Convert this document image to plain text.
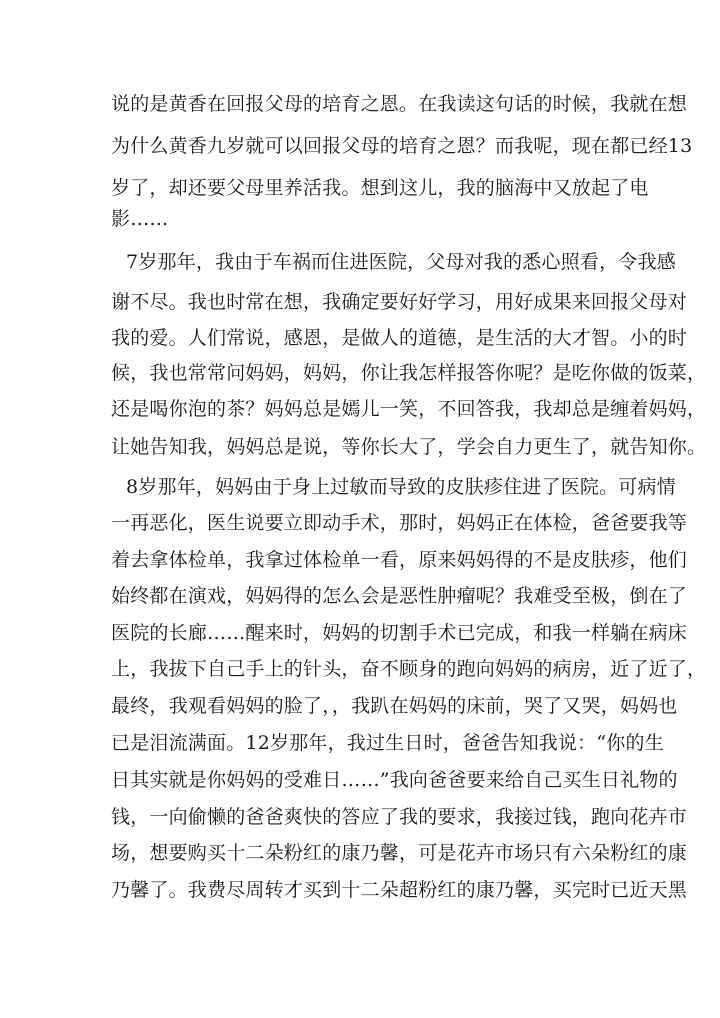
说的是黄香在回报父母的培育之恩。在我读这句话的时候，我就在想
为什么黄香九岁就可以回报父母的培育之恩？而我呢，现在都已经13
岁了，却还要父母里养活我。想到这儿，我的脑海中又放起了电
影……
7岁那年，我由于车祸而住进医院，父母对我的悉心照看，令我感
谢不尽。我也时常在想，我确定要好好学习，用好成果来回报父母对
我的爱。人们常说，感恩，是做人的道德，是生活的大才智。小的时
候，我也常常问妈妈，妈妈，你让我怎样报答你呢？是吃你做的饭菜，
还是喝你泡的茶？妈妈总是嫣儿一笑，不回答我，我却总是缠着妈妈，
让她告知我，妈妈总是说，等你长大了，学会自力更生了，就告知你。
8岁那年，妈妈由于身上过敏而导致的皮肤疹住进了医院。可病情
一再恶化，医生说要立即动手术，那时，妈妈正在体检，爸爸要我等
着去拿体检单，我拿过体检单一看，原来妈妈得的不是皮肤疹，他们
始终都在演戏，妈妈得的怎么会是恶性肿瘤呢？我难受至极，倒在了
医院的长廊……醒来时，妈妈的切割手术已完成，和我一样躺在病床
上，我拔下自己手上的针头，奋不顾身的跑向妈妈的病房，近了近了，
最终，我观看妈妈的脸了，，我趴在妈妈的床前，哭了又哭，妈妈也
已是泪流满面。12岁那年，我过生日时，爸爸告知我说：“你的生
日其实就是你妈妈的受难日……”我向爸爸要来给自己买生日礼物的
钱，一向偷懒的爸爸爽快的答应了我的要求，我接过钱，跑向花卉市
场，想要购买十二朵粉红的康乃馨，可是花卉市场只有六朵粉红的康
乃馨了。我费尽周转才买到十二朵超粉红的康乃馨，买完时已近天黑
